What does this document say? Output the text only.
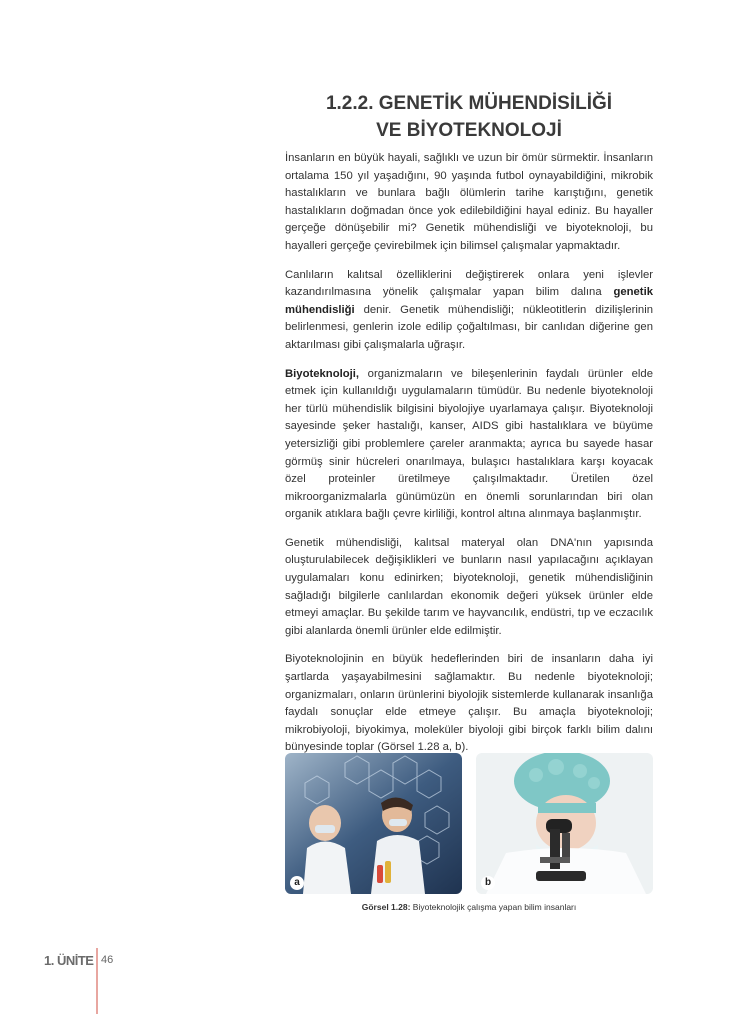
1.2.2. GENETİK MÜHENDİSİLİĞİ
VE BİYOTEKNOLOJİ

İnsanların en büyük hayali, sağlıklı ve uzun bir ömür sürmektir. İnsanların ortalama 150 yıl yaşadığını, 90 yaşında futbol oynayabildiğini, mikrobik hastalıkların ve bunlara bağlı ölümlerin tarihe karıştığını, genetik hastalıkların doğmadan önce yok edilebildiğini hayal ediniz. Bu hayaller gerçeğe dönüşebilir mi? Genetik mühendisliği ve biyoteknoloji, bu hayalleri gerçeğe çevirebilmek için bilimsel çalışmalar yapmaktadır.

Canlıların kalıtsal özelliklerini değiştirerek onlara yeni işlevler kazandırılmasına yönelik çalışmalar yapan bilim dalına genetik mühendisliği denir. Genetik mühendisliği; nükleotitlerin dizilişlerinin belirlenmesi, genlerin izole edilip çoğaltılması, bir canlıdan diğerine gen aktarılması gibi çalışmalarla uğraşır.

Biyoteknoloji, organizmaların ve bileşenlerinin faydalı ürünler elde etmek için kullanıldığı uygulamaların tümüdür. Bu nedenle biyoteknoloji her türlü mühendislik bilgisini biyolojiye uyarlamaya çalışır. Biyoteknoloji sayesinde şeker hastalığı, kanser, AIDS gibi hastalıklara ve büyüme yetersizliği gibi problemlere çareler aranmakta; ayrıca bu sayede hasar görmüş sinir hücreleri onarılmaya, bulaşıcı hastalıklara karşı koyacak özel proteinler üretilmeye çalışılmaktadır. Üretilen özel mikroorganizmalarla günümüzün en önemli sorunlarından biri olan organik atıklara bağlı çevre kirliliği, kontrol altına alınmaya başlanmıştır.

Genetik mühendisliği, kalıtsal materyal olan DNA'nın yapısında oluşturulabilecek değişiklikleri ve bunların nasıl yapılacağını açıklayan uygulamaları konu edinirken; biyoteknoloji, genetik mühendisliğinin sağladığı bilgilerle canlılardan ekonomik değeri yüksek ürünler elde etmeyi amaçlar. Bu şekilde tarım ve hayvancılık, endüstri, tıp ve eczacılık gibi alanlarda önemli ürünler elde edilmiştir.

Biyoteknolojinin en büyük hedeflerinden biri de insanların daha iyi şartlarda yaşayabilmesini sağlamaktır. Bu nedenle biyoteknoloji; organizmaları, onların ürünlerini biyolojik sistemlerde kullanarak insanlığa faydalı sonuçlar elde etmeye çalışır. Bu amaçla biyoteknoloji; mikrobiyoloji, biyokimya, moleküler biyoloji gibi birçok farklı bilim dalını bünyesinde toplar (Görsel 1.28 a, b).

a	b
Görsel 1.28: Biyoteknolojik çalışma yapan bilim insanları
1. ÜNİTE 46
